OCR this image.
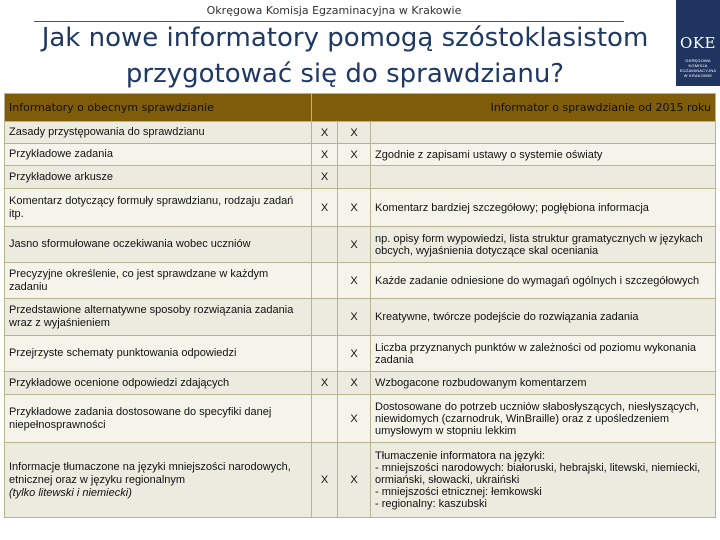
Okręgowa Komisja Egzaminacyjna w Krakowie
Jak nowe informatory pomogą szóstoklasistom
przygotować się do sprawdzianu?
OKE
OKRĘGOWA KOMISJA EGZAMINACYJNA W KRAKOWIE
Informatory o obecnym sprawdzianie	Informator o sprawdzianie od 2015 roku		
Zasady przystępowania do sprawdzianu	X	X	
Przykładowe zadania	X	X	Zgodnie z zapisami ustawy o systemie oświaty
Przykładowe arkusze	X		
Komentarz dotyczący formuły sprawdzianu, rodzaju zadań itp.	X	X	Komentarz bardziej szczegółowy; pogłębiona informacja
Jasno sformułowane oczekiwania wobec uczniów		X	np. opisy form wypowiedzi, lista struktur gramatycznych w językach obcych, wyjaśnienia dotyczące skal oceniania
Precyzyjne określenie, co jest sprawdzane w każdym zadaniu		X	Każde zadanie odniesione do wymagań ogólnych i szczegółowych
Przedstawione alternatywne sposoby rozwiązania zadania wraz z wyjaśnieniem		X	Kreatywne, twórcze podejście do rozwiązania zadania
Przejrzyste schematy punktowania odpowiedzi		X	Liczba przyznanych punktów w zależności od poziomu wykonania zadania
Przykładowe ocenione odpowiedzi zdających	X	X	Wzbogacone rozbudowanym komentarzem
Przykładowe zadania dostosowane do specyfiki danej niepełnosprawności		X	Dostosowane do potrzeb uczniów słabosłyszących, niesłyszących, niewidomych (czarnodruk, WinBraille) oraz z upośledzeniem umysłowym w stopniu lekkim
Informacje tłumaczone na języki mniejszości narodowych, etnicznej oraz w języku regionalnym
(tylko litewski i niemiecki)	X	X	Tłumaczenie informatora na języki:
- mniejszości narodowych: białoruski, hebrajski, litewski, niemiecki, ormiański, słowacki, ukraiński
- mniejszości etnicznej: łemkowski
- regionalny: kaszubski
